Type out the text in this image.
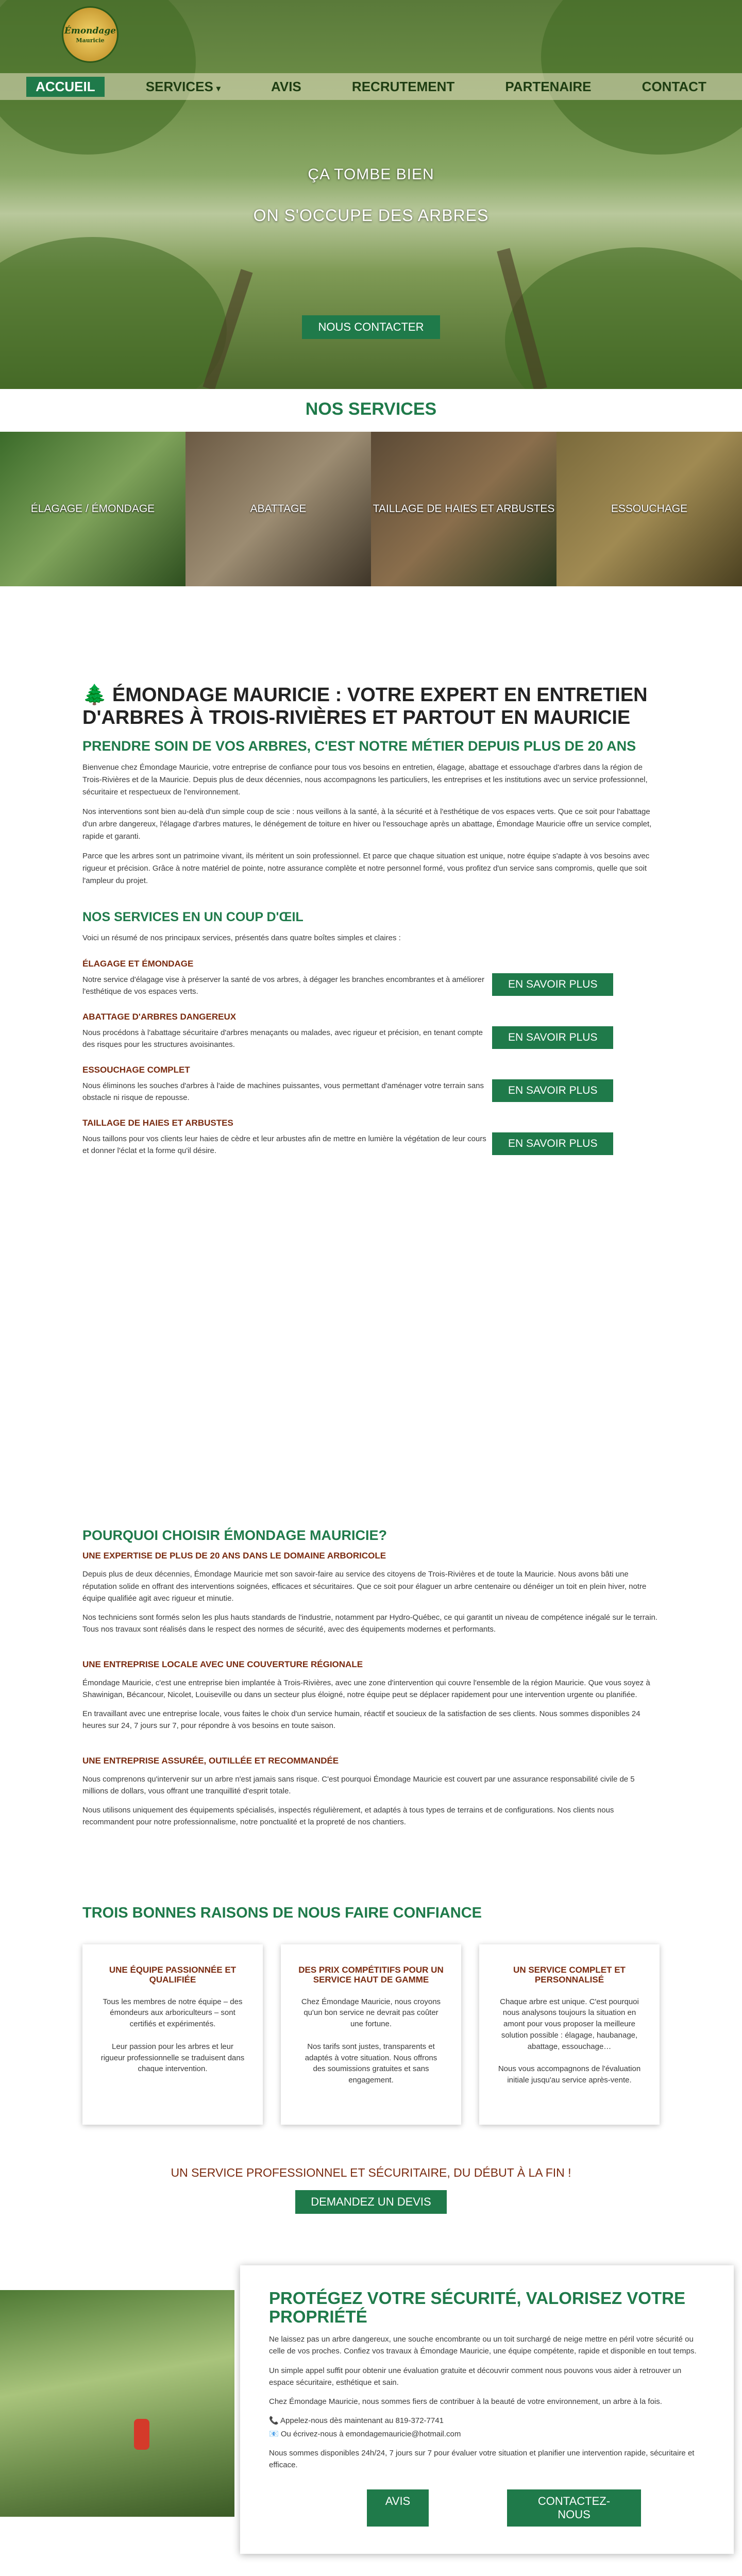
Émondage
Mauricie
ACCUEIL	SERVICES ▾	AVIS	RECRUTEMENT	PARTENAIRE	CONTACT
ÇA TOMBE BIEN
ON S'OCCUPE DES ARBRES
NOUS CONTACTER
NOS SERVICES
ÉLAGAGE / ÉMONDAGE	ABATTAGE	TAILLAGE DE HAIES ET ARBUSTES	ESSOUCHAGE
🌲 ÉMONDAGE MAURICIE : VOTRE EXPERT EN ENTRETIEN D'ARBRES À TROIS-RIVIÈRES ET PARTOUT EN MAURICIE
PRENDRE SOIN DE VOS ARBRES, C'EST NOTRE MÉTIER DEPUIS PLUS DE 20 ANS

Bienvenue chez Émondage Mauricie, votre entreprise de confiance pour tous vos besoins en entretien, élagage, abattage et essouchage d'arbres dans la région de Trois-Rivières et de la Mauricie. Depuis plus de deux décennies, nous accompagnons les particuliers, les entreprises et les institutions avec un service professionnel, sécuritaire et respectueux de l'environnement.

Nos interventions sont bien au-delà d'un simple coup de scie : nous veillons à la santé, à la sécurité et à l'esthétique de vos espaces verts. Que ce soit pour l'abattage d'un arbre dangereux, l'élagage d'arbres matures, le dénégement de toiture en hiver ou l'essouchage après un abattage, Émondage Mauricie offre un service complet, rapide et garanti.

Parce que les arbres sont un patrimoine vivant, ils méritent un soin professionnel. Et parce que chaque situation est unique, notre équipe s'adapte à vos besoins avec rigueur et précision. Grâce à notre matériel de pointe, notre assurance complète et notre personnel formé, vous profitez d'un service sans compromis, quelle que soit l'ampleur du projet.

NOS SERVICES EN UN COUP D'ŒIL

Voici un résumé de nos principaux services, présentés dans quatre boîtes simples et claires :

ÉLAGAGE ET ÉMONDAGE

Notre service d'élagage vise à préserver la santé de vos arbres, à dégager les branches encombrantes et à améliorer l'esthétique de vos espaces verts.

EN SAVOIR PLUS
ABATTAGE D'ARBRES DANGEREUX

Nous procédons à l'abattage sécuritaire d'arbres menaçants ou malades, avec rigueur et précision, en tenant compte des risques pour les structures avoisinantes.

EN SAVOIR PLUS
ESSOUCHAGE COMPLET

Nous éliminons les souches d'arbres à l'aide de machines puissantes, vous permettant d'aménager votre terrain sans obstacle ni risque de repousse.

EN SAVOIR PLUS
TAILLAGE DE HAIES ET ARBUSTES

Nous taillons pour vos clients leur haies de cèdre et leur arbustes afin de mettre en lumière la végétation de leur cours et donner l'éclat et la forme qu'il désire.

EN SAVOIR PLUS
POURQUOI CHOISIR ÉMONDAGE MAURICIE?
UNE EXPERTISE DE PLUS DE 20 ANS DANS LE DOMAINE ARBORICOLE

Depuis plus de deux décennies, Émondage Mauricie met son savoir-faire au service des citoyens de Trois-Rivières et de toute la Mauricie. Nous avons bâti une réputation solide en offrant des interventions soignées, efficaces et sécuritaires. Que ce soit pour élaguer un arbre centenaire ou dénéiger un toit en plein hiver, notre équipe qualifiée agit avec rigueur et minutie.

Nos techniciens sont formés selon les plus hauts standards de l'industrie, notamment par Hydro-Québec, ce qui garantit un niveau de compétence inégalé sur le terrain. Tous nos travaux sont réalisés dans le respect des normes de sécurité, avec des équipements modernes et performants.

UNE ENTREPRISE LOCALE AVEC UNE COUVERTURE RÉGIONALE

Émondage Mauricie, c'est une entreprise bien implantée à Trois-Rivières, avec une zone d'intervention qui couvre l'ensemble de la région Mauricie. Que vous soyez à Shawinigan, Bécancour, Nicolet, Louiseville ou dans un secteur plus éloigné, notre équipe peut se déplacer rapidement pour une intervention urgente ou planifiée.

En travaillant avec une entreprise locale, vous faites le choix d'un service humain, réactif et soucieux de la satisfaction de ses clients. Nous sommes disponibles 24 heures sur 24, 7 jours sur 7, pour répondre à vos besoins en toute saison.

UNE ENTREPRISE ASSURÉE, OUTILLÉE ET RECOMMANDÉE

Nous comprenons qu'intervenir sur un arbre n'est jamais sans risque. C'est pourquoi Émondage Mauricie est couvert par une assurance responsabilité civile de 5 millions de dollars, vous offrant une tranquillité d'esprit totale.

Nous utilisons uniquement des équipements spécialisés, inspectés régulièrement, et adaptés à tous types de terrains et de configurations. Nos clients nous recommandent pour notre professionnalisme, notre ponctualité et la propreté de nos chantiers.

TROIS BONNES RAISONS DE NOUS FAIRE CONFIANCE
UNE ÉQUIPE PASSIONNÉE ET QUALIFIÉE

Tous les membres de notre équipe – des émondeurs aux arboriculteurs – sont certifiés et expérimentés.

Leur passion pour les arbres et leur rigueur professionnelle se traduisent dans chaque intervention.

DES PRIX COMPÉTITIFS POUR UN SERVICE HAUT DE GAMME

Chez Émondage Mauricie, nous croyons qu'un bon service ne devrait pas coûter une fortune.

Nos tarifs sont justes, transparents et adaptés à votre situation. Nous offrons des soumissions gratuites et sans engagement.

UN SERVICE COMPLET ET PERSONNALISÉ

Chaque arbre est unique. C'est pourquoi nous analysons toujours la situation en amont pour vous proposer la meilleure solution possible : élagage, haubanage, abattage, essouchage…

Nous vous accompagnons de l'évaluation initiale jusqu'au service après-vente.

UN SERVICE PROFESSIONNEL ET SÉCURITAIRE, DU DÉBUT À LA FIN !

DEMANDEZ UN DEVIS
PROTÉGEZ VOTRE SÉCURITÉ, VALORISEZ VOTRE PROPRIÉTÉ

Ne laissez pas un arbre dangereux, une souche encombrante ou un toit surchargé de neige mettre en péril votre sécurité ou celle de vos proches. Confiez vos travaux à Émondage Mauricie, une équipe compétente, rapide et disponible en tout temps.

Un simple appel suffit pour obtenir une évaluation gratuite et découvrir comment nous pouvons vous aider à retrouver un espace sécuritaire, esthétique et sain.

Chez Émondage Mauricie, nous sommes fiers de contribuer à la beauté de votre environnement, un arbre à la fois.

📞 Appelez-nous dès maintenant au 819-372-7741

📧 Ou écrivez-nous à emondagemauricie@hotmail.com

Nous sommes disponibles 24h/24, 7 jours sur 7 pour évaluer votre situation et planifier une intervention rapide, sécuritaire et efficace.

AVIS	CONTACTEZ-NOUS
